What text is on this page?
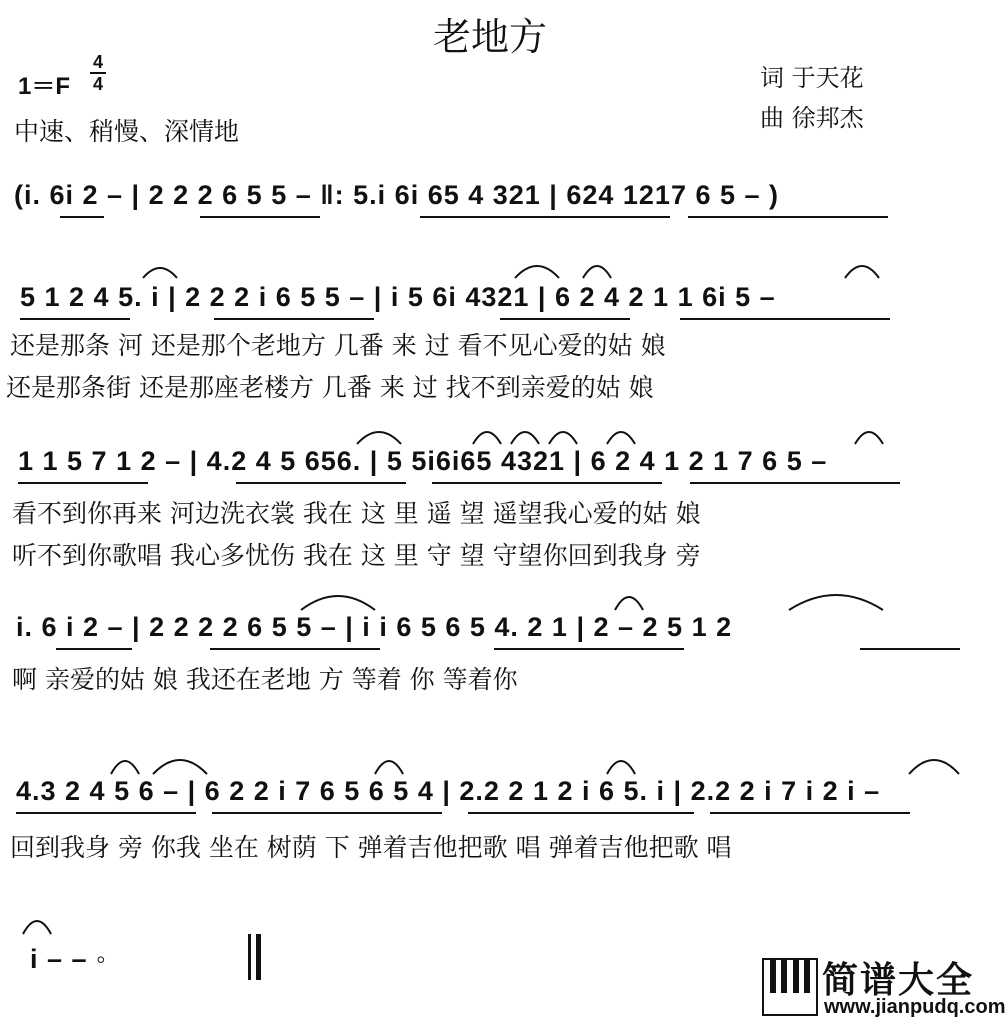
老地方
1＝F
4
4
中速、稍慢、深情地
词 于天花
曲 徐邦杰
(i. 6i 2 – | 2 2 2 6 5 5 – ‖: 5.i 6i 65 4 321 | 624 1217 6 5 – )
5 1 2 4 5. i | 2 2 2 i 6 5 5 – | i 5 6i 4321 | 6 2 4 2 1 1 6i 5 –
还是那条 河 还是那个老地方 几番 来 过 看不见心爱的姑 娘
还是那条街 还是那座老楼方 几番 来 过 找不到亲爱的姑 娘
1 1 5 7 1 2 – | 4.2 4 5 656. | 5 5i6i65 4321 | 6 2 4 1 2 1 7 6 5 –
看不到你再来 河边洗衣裳 我在 这 里 遥 望 遥望我心爱的姑 娘
听不到你歌唱 我心多忧伤 我在 这 里 守 望 守望你回到我身 旁
i. 6 i 2 – | 2 2 2 2 6 5 5 – | i i 6 5 6 5 4. 2 1 | 2 – 2 5 1 2
啊 亲爱的姑 娘 我还在老地 方 等着 你 等着你
4.3 2 4 5 6 – | 6 2 2 i 7 6 5 6 5 4 | 2.2 2 1 2 i 6 5. i | 2.2 2 i 7 i 2 i –
回到我身 旁 你我 坐在 树荫 下 弹着吉他把歌 唱 弹着吉他把歌 唱
i – – ◦
简谱大全
www.jianpudq.com
